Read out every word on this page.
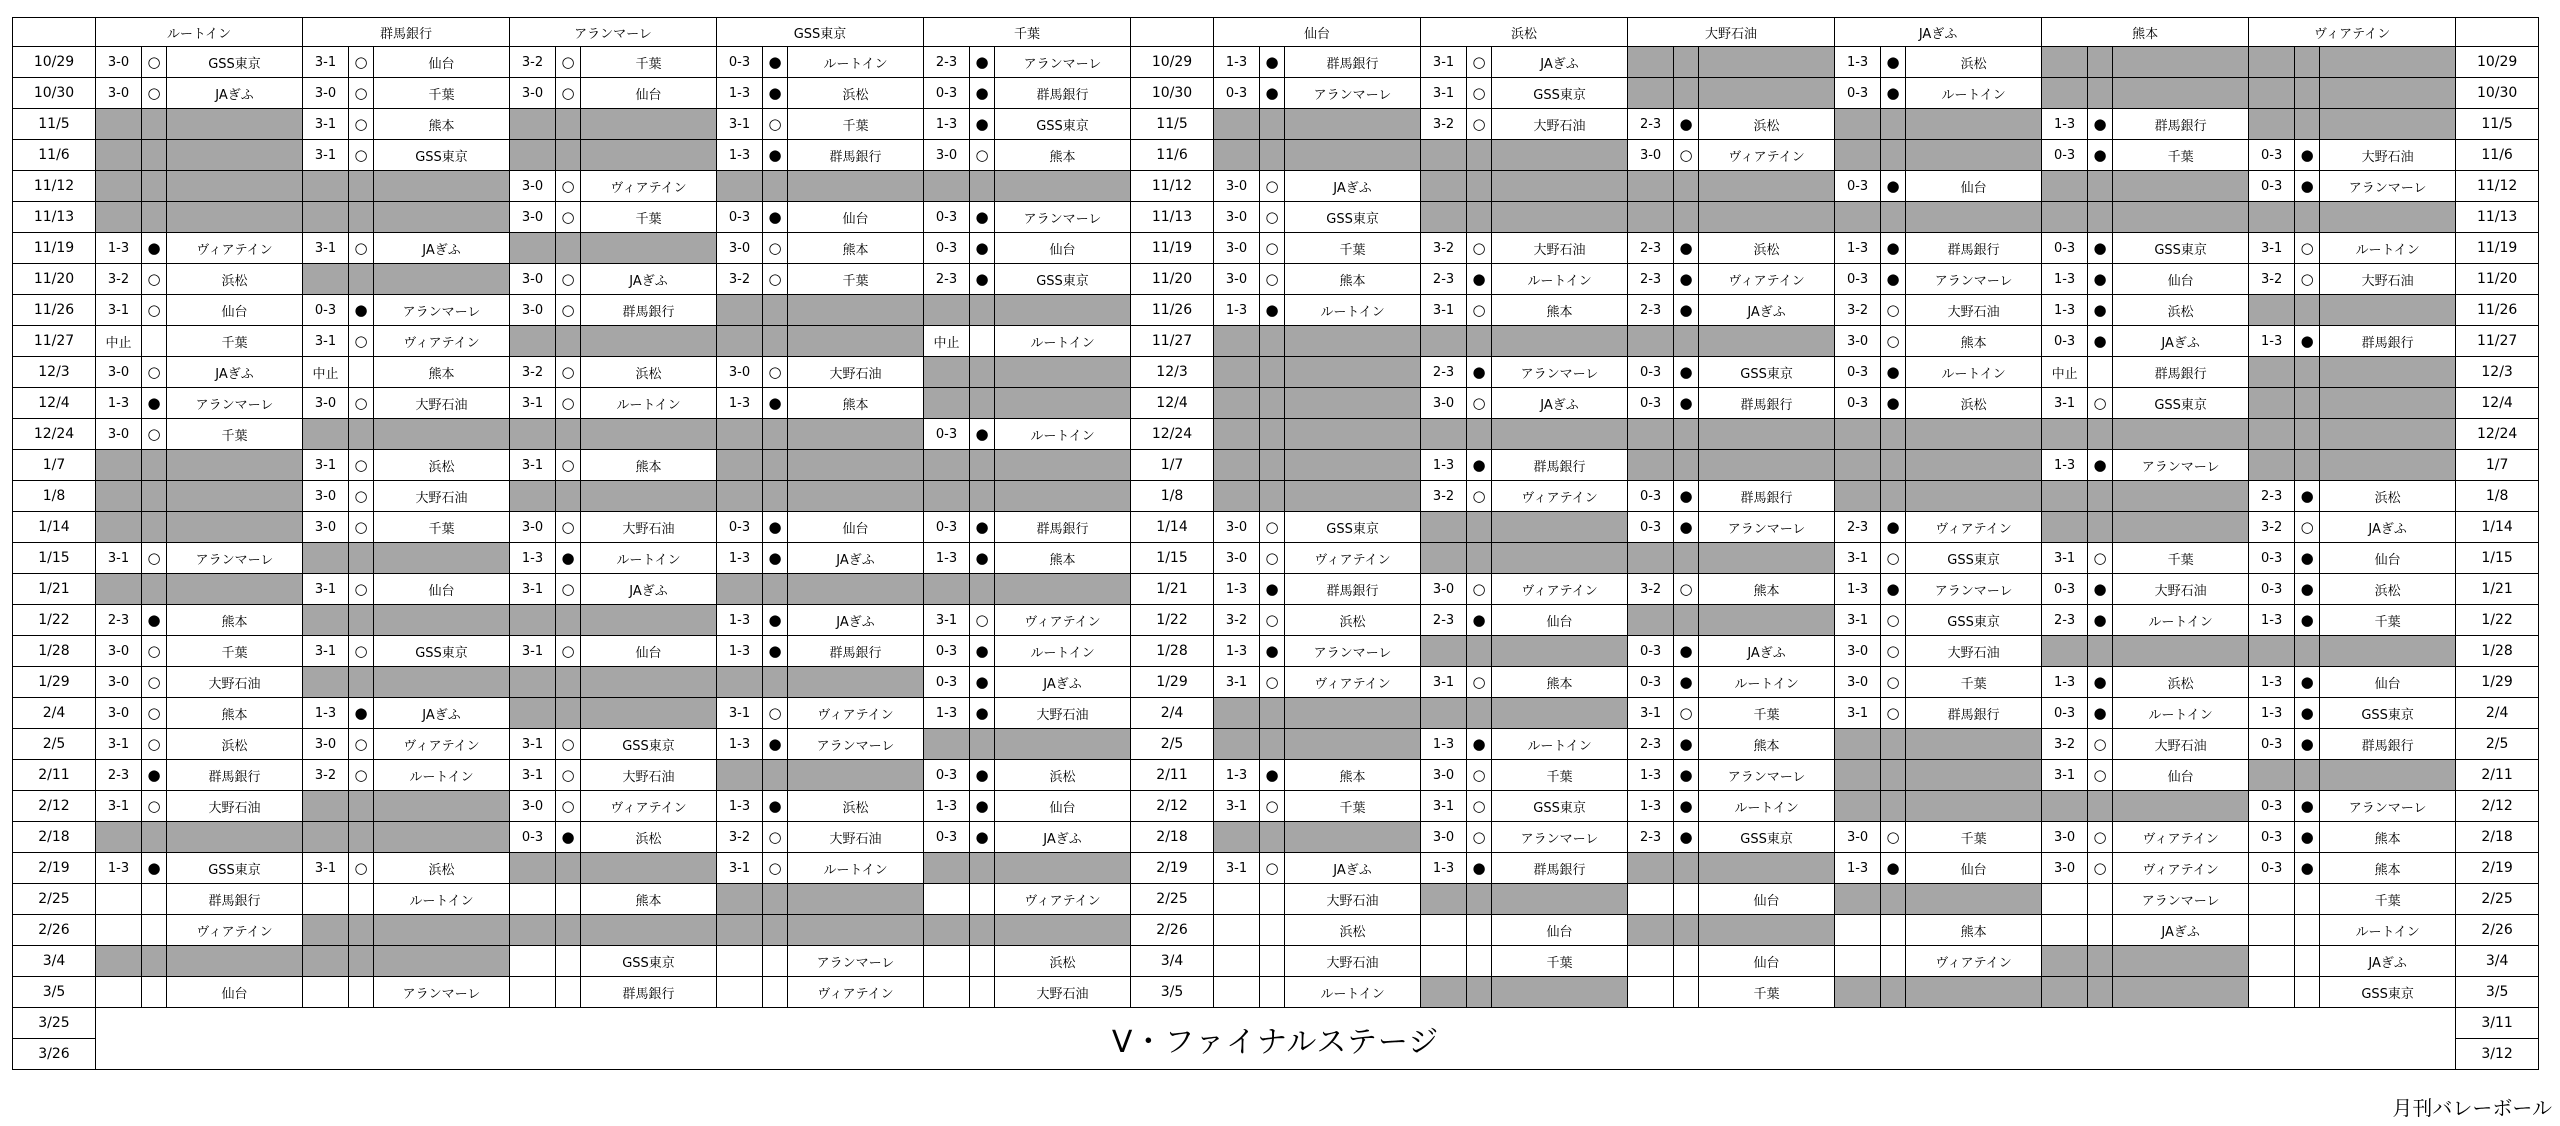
	ルートイン			群馬銀行			アランマーレ			GSS東京			千葉				仙台			浜松			大野石油			JAぎふ			熊本			ヴィアテイン			
10/29	3-0	○	GSS東京	3-1	○	仙台	3-2	○	千葉	0-3	●	ルートイン	2-3	●	アランマーレ	10/29	1-3	●	群馬銀行	3-1	○	JAぎふ				1-3	●	浜松							10/29
10/30	3-0	○	JAぎふ	3-0	○	千葉	3-0	○	仙台	1-3	●	浜松	0-3	●	群馬銀行	10/30	0-3	●	アランマーレ	3-1	○	GSS東京				0-3	●	ルートイン							10/30
11/5				3-1	○	熊本				3-1	○	千葉	1-3	●	GSS東京	11/5				3-2	○	大野石油	2-3	●	浜松				1-3	●	群馬銀行				11/5
11/6				3-1	○	GSS東京				1-3	●	群馬銀行	3-0	○	熊本	11/6							3-0	○	ヴィアテイン				0-3	●	千葉	0-3	●	大野石油	11/6
11/12							3-0	○	ヴィアテイン							11/12	3-0	○	JAぎふ							0-3	●	仙台				0-3	●	アランマーレ	11/12
11/13							3-0	○	千葉	0-3	●	仙台	0-3	●	アランマーレ	11/13	3-0	○	GSS東京																11/13
11/19	1-3	●	ヴィアテイン	3-1	○	JAぎふ				3-0	○	熊本	0-3	●	仙台	11/19	3-0	○	千葉	3-2	○	大野石油	2-3	●	浜松	1-3	●	群馬銀行	0-3	●	GSS東京	3-1	○	ルートイン	11/19
11/20	3-2	○	浜松				3-0	○	JAぎふ	3-2	○	千葉	2-3	●	GSS東京	11/20	3-0	○	熊本	2-3	●	ルートイン	2-3	●	ヴィアテイン	0-3	●	アランマーレ	1-3	●	仙台	3-2	○	大野石油	11/20
11/26	3-1	○	仙台	0-3	●	アランマーレ	3-0	○	群馬銀行							11/26	1-3	●	ルートイン	3-1	○	熊本	2-3	●	JAぎふ	3-2	○	大野石油	1-3	●	浜松				11/26
11/27	中止		千葉	3-1	○	ヴィアテイン							中止		ルートイン	11/27										3-0	○	熊本	0-3	●	JAぎふ	1-3	●	群馬銀行	11/27
12/3	3-0	○	JAぎふ	中止		熊本	3-2	○	浜松	3-0	○	大野石油				12/3				2-3	●	アランマーレ	0-3	●	GSS東京	0-3	●	ルートイン	中止		群馬銀行				12/3
12/4	1-3	●	アランマーレ	3-0	○	大野石油	3-1	○	ルートイン	1-3	●	熊本				12/4				3-0	○	JAぎふ	0-3	●	群馬銀行	0-3	●	浜松	3-1	○	GSS東京				12/4
12/24	3-0	○	千葉										0-3	●	ルートイン	12/24																			12/24
1/7				3-1	○	浜松	3-1	○	熊本							1/7				1-3	●	群馬銀行							1-3	●	アランマーレ				1/7
1/8				3-0	○	大野石油										1/8				3-2	○	ヴィアテイン	0-3	●	群馬銀行							2-3	●	浜松	1/8
1/14				3-0	○	千葉	3-0	○	大野石油	0-3	●	仙台	0-3	●	群馬銀行	1/14	3-0	○	GSS東京				0-3	●	アランマーレ	2-3	●	ヴィアテイン				3-2	○	JAぎふ	1/14
1/15	3-1	○	アランマーレ				1-3	●	ルートイン	1-3	●	JAぎふ	1-3	●	熊本	1/15	3-0	○	ヴィアテイン							3-1	○	GSS東京	3-1	○	千葉	0-3	●	仙台	1/15
1/21				3-1	○	仙台	3-1	○	JAぎふ							1/21	1-3	●	群馬銀行	3-0	○	ヴィアテイン	3-2	○	熊本	1-3	●	アランマーレ	0-3	●	大野石油	0-3	●	浜松	1/21
1/22	2-3	●	熊本							1-3	●	JAぎふ	3-1	○	ヴィアテイン	1/22	3-2	○	浜松	2-3	●	仙台				3-1	○	GSS東京	2-3	●	ルートイン	1-3	●	千葉	1/22
1/28	3-0	○	千葉	3-1	○	GSS東京	3-1	○	仙台	1-3	●	群馬銀行	0-3	●	ルートイン	1/28	1-3	●	アランマーレ				0-3	●	JAぎふ	3-0	○	大野石油							1/28
1/29	3-0	○	大野石油										0-3	●	JAぎふ	1/29	3-1	○	ヴィアテイン	3-1	○	熊本	0-3	●	ルートイン	3-0	○	千葉	1-3	●	浜松	1-3	●	仙台	1/29
2/4	3-0	○	熊本	1-3	●	JAぎふ				3-1	○	ヴィアテイン	1-3	●	大野石油	2/4							3-1	○	千葉	3-1	○	群馬銀行	0-3	●	ルートイン	1-3	●	GSS東京	2/4
2/5	3-1	○	浜松	3-0	○	ヴィアテイン	3-1	○	GSS東京	1-3	●	アランマーレ				2/5				1-3	●	ルートイン	2-3	●	熊本				3-2	○	大野石油	0-3	●	群馬銀行	2/5
2/11	2-3	●	群馬銀行	3-2	○	ルートイン	3-1	○	大野石油				0-3	●	浜松	2/11	1-3	●	熊本	3-0	○	千葉	1-3	●	アランマーレ				3-1	○	仙台				2/11
2/12	3-1	○	大野石油				3-0	○	ヴィアテイン	1-3	●	浜松	1-3	●	仙台	2/12	3-1	○	千葉	3-1	○	GSS東京	1-3	●	ルートイン							0-3	●	アランマーレ	2/12
2/18							0-3	●	浜松	3-2	○	大野石油	0-3	●	JAぎふ	2/18				3-0	○	アランマーレ	2-3	●	GSS東京	3-0	○	千葉	3-0	○	ヴィアテイン	0-3	●	熊本	2/18
2/19	1-3	●	GSS東京	3-1	○	浜松				3-1	○	ルートイン				2/19	3-1	○	JAぎふ	1-3	●	群馬銀行				1-3	●	仙台	3-0	○	ヴィアテイン	0-3	●	熊本	2/19
2/25			群馬銀行			ルートイン			熊本						ヴィアテイン	2/25			大野石油						仙台						アランマーレ			千葉	2/25
2/26			ヴィアテイン													2/26			浜松			仙台						熊本			JAぎふ			ルートイン	2/26
3/4									GSS東京			アランマーレ			浜松	3/4			大野石油			千葉			仙台			ヴィアテイン						JAぎふ	3/4
3/5			仙台			アランマーレ			群馬銀行			ヴィアテイン			大野石油	3/5			ルートイン						千葉									GSS東京	3/5
3/25	V・ファイナルステージ																																		3/11
3/26																																			3/12
月刊バレーボール
